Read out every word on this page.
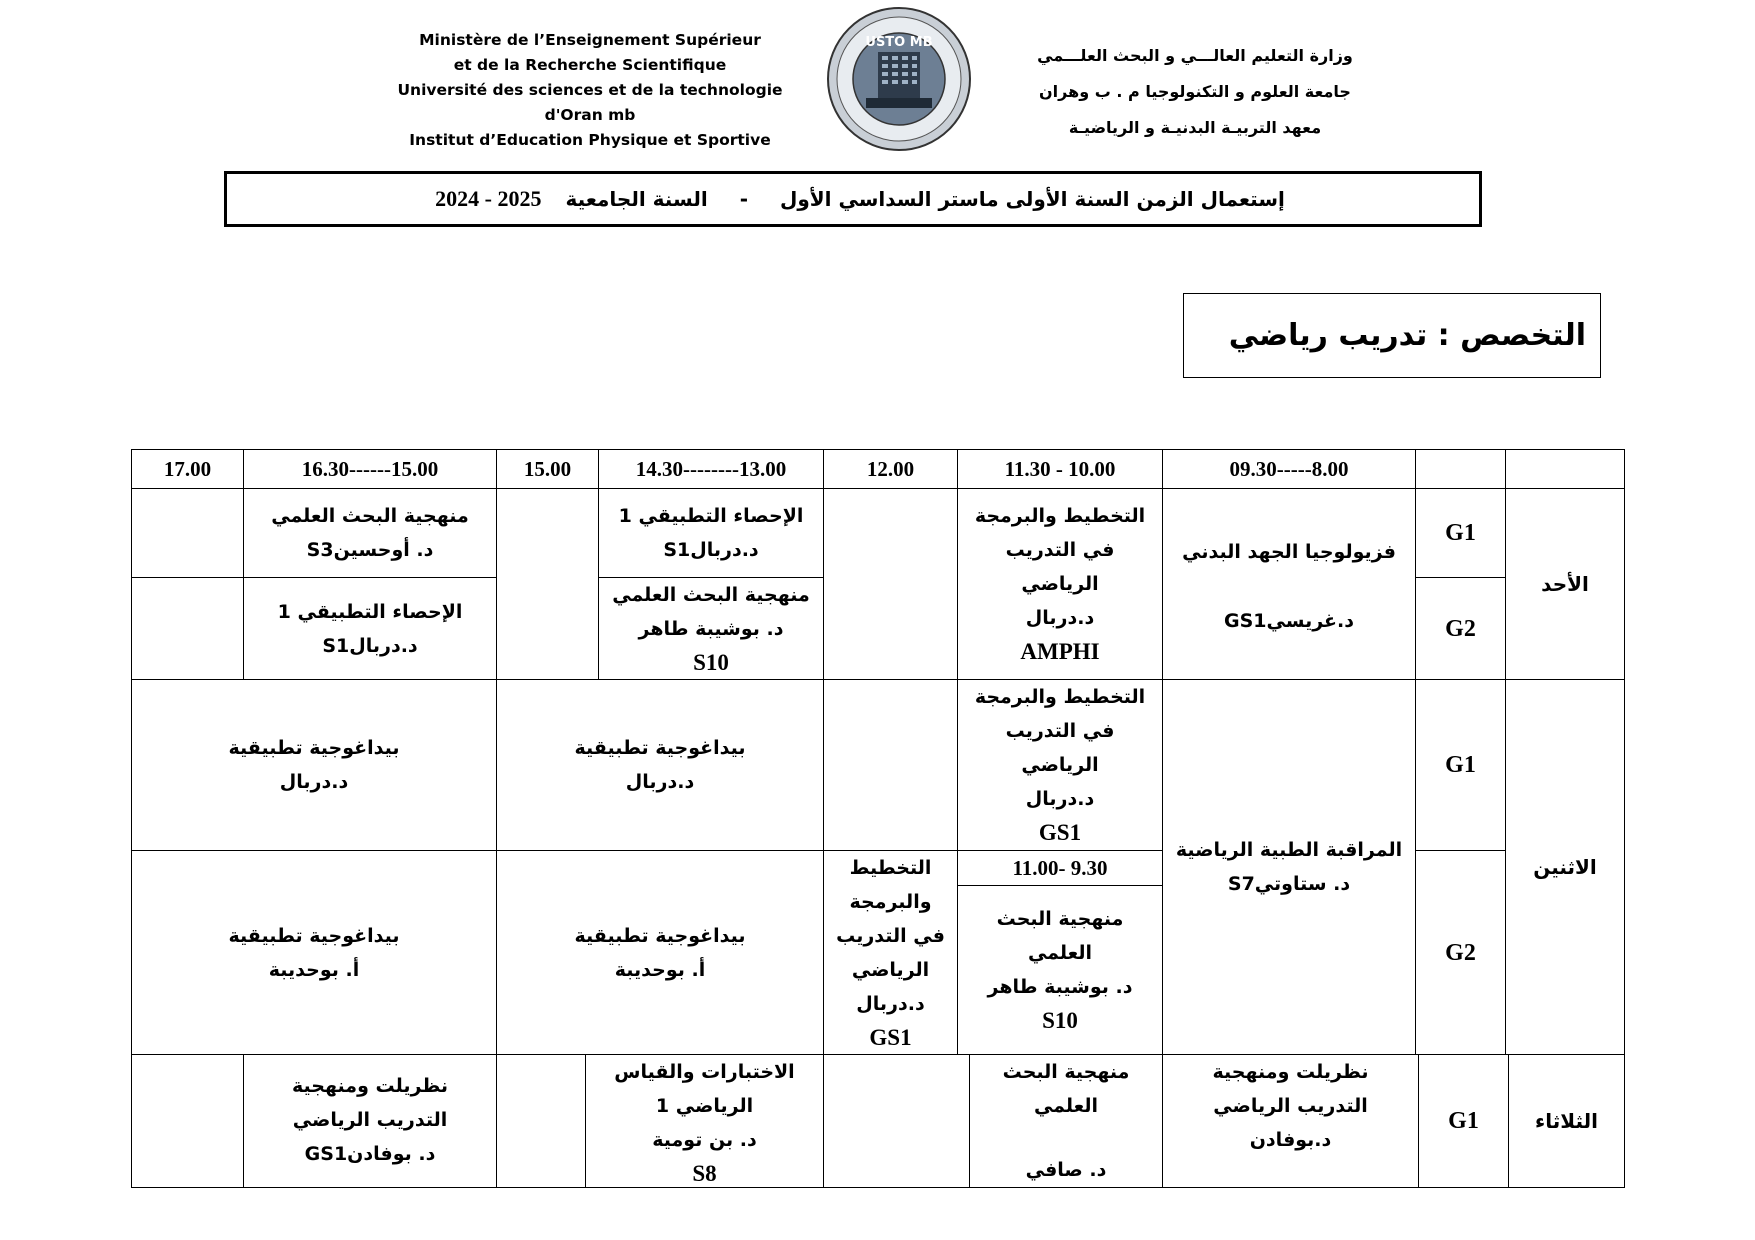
Ministère de l’Enseignement Supérieur
et de la Recherche Scientifique
Université des sciences et de la technologie
d'Oran mb
Institut d’Education Physique et Sportive
USTO MB
وزارة التعليم العالـــي و البحث العلـــمي
جامعة العلوم و التكنولوجيا م . ب وهران
معهد التربيـة البدنيـة و الرياضيـة
إستعمال الزمن السنة الأولى ماستر السداسي الأول
-
السنة الجامعية
2024 - 2025
التخصص : تدريب رياضي
09.30-----8.00
11.30 - 10.00
12.00
14.30--------13.00
15.00
16.30------15.00
17.00
الأحد
G1
G2
فزيولوجيا الجهد البدني
د.غريسيGS1
التخطيط والبرمجة
في التدريب
الرياضي
د.دربال
AMPHI
الإحصاء التطبيقي 1
د.دربالS1
منهجية البحث العلمي
د. بوشيبة طاهر
S10
منهجية البحث العلمي
د. أوحسينS3
الإحصاء التطبيقي 1
د.دربالS1
الاثنين
G1
G2
المراقبة الطبية الرياضية
د. ستاوتيS7
التخطيط والبرمجة
في التدريب
الرياضي
د.دربال
GS1
بيداغوجية تطبيقية
د.دربال
بيداغوجية تطبيقية
د.دربال
11.00- 9.30
منهجية البحث
العلمي
د. بوشيبة طاهر
S10
التخطيط
والبرمجة
في التدريب
الرياضي
د.دربال
GS1
بيداغوجية تطبيقية
أ. بوحديبة
بيداغوجية تطبيقية
أ. بوحديبة
الثلاثاء
G1
نظريلت ومنهجية
التدريب الرياضي
د.بوفادن
منهجية البحث
العلمي
د. صافي
الاختبارات والقياس
الرياضي 1
د. بن تومية
S8
نظريلت ومنهجية
التدريب الرياضي
د. بوفادنGS1
